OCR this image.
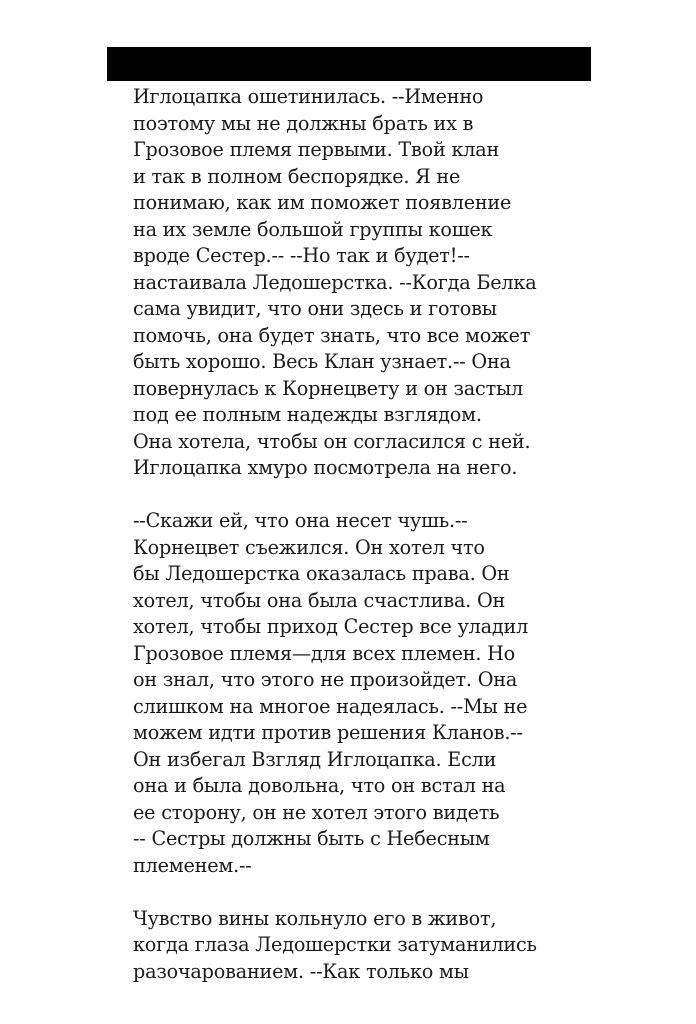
Иглоцапка ошетинилась. --Именно
поэтому мы не должны брать их в
Грозовое племя первыми. Твой клан
и так в полном беспорядке. Я не
понимаю, как им поможет появление
на их земле большой группы кошек
вроде Сестер.-- --Но так и будет!--
настаивала Ледошерстка. --Когда Белка
сама увидит, что они здесь и готовы
помочь, она будет знать, что все может
быть хорошо. Весь Клан узнает.-- Она
повернулась к Корнецвету и он застыл
под ее полным надежды взглядом.
Она хотела, чтобы он согласился с ней.
Иглоцапка хмуро посмотрела на него.

--Скажи ей, что она несет чушь.--
Корнецвет съежился. Он хотел что
бы Ледошерстка оказалась права. Он
хотел, чтобы она была счастлива. Он
хотел, чтобы приход Сестер все уладил
Грозовое племя—для всех племен. Но
он знал, что этого не произойдет. Она
слишком на многое надеялась. --Мы не
можем идти против решения Кланов.--
Он избегал Взгляд Иглоцапка. Если
она и была довольна, что он встал на
ее сторону, он не хотел этого видеть
-- Сестры должны быть с Небесным
племенем.--

Чувство вины кольнуло его в живот,
когда глаза Ледошерстки затуманились
разочарованием. --Как только мы
